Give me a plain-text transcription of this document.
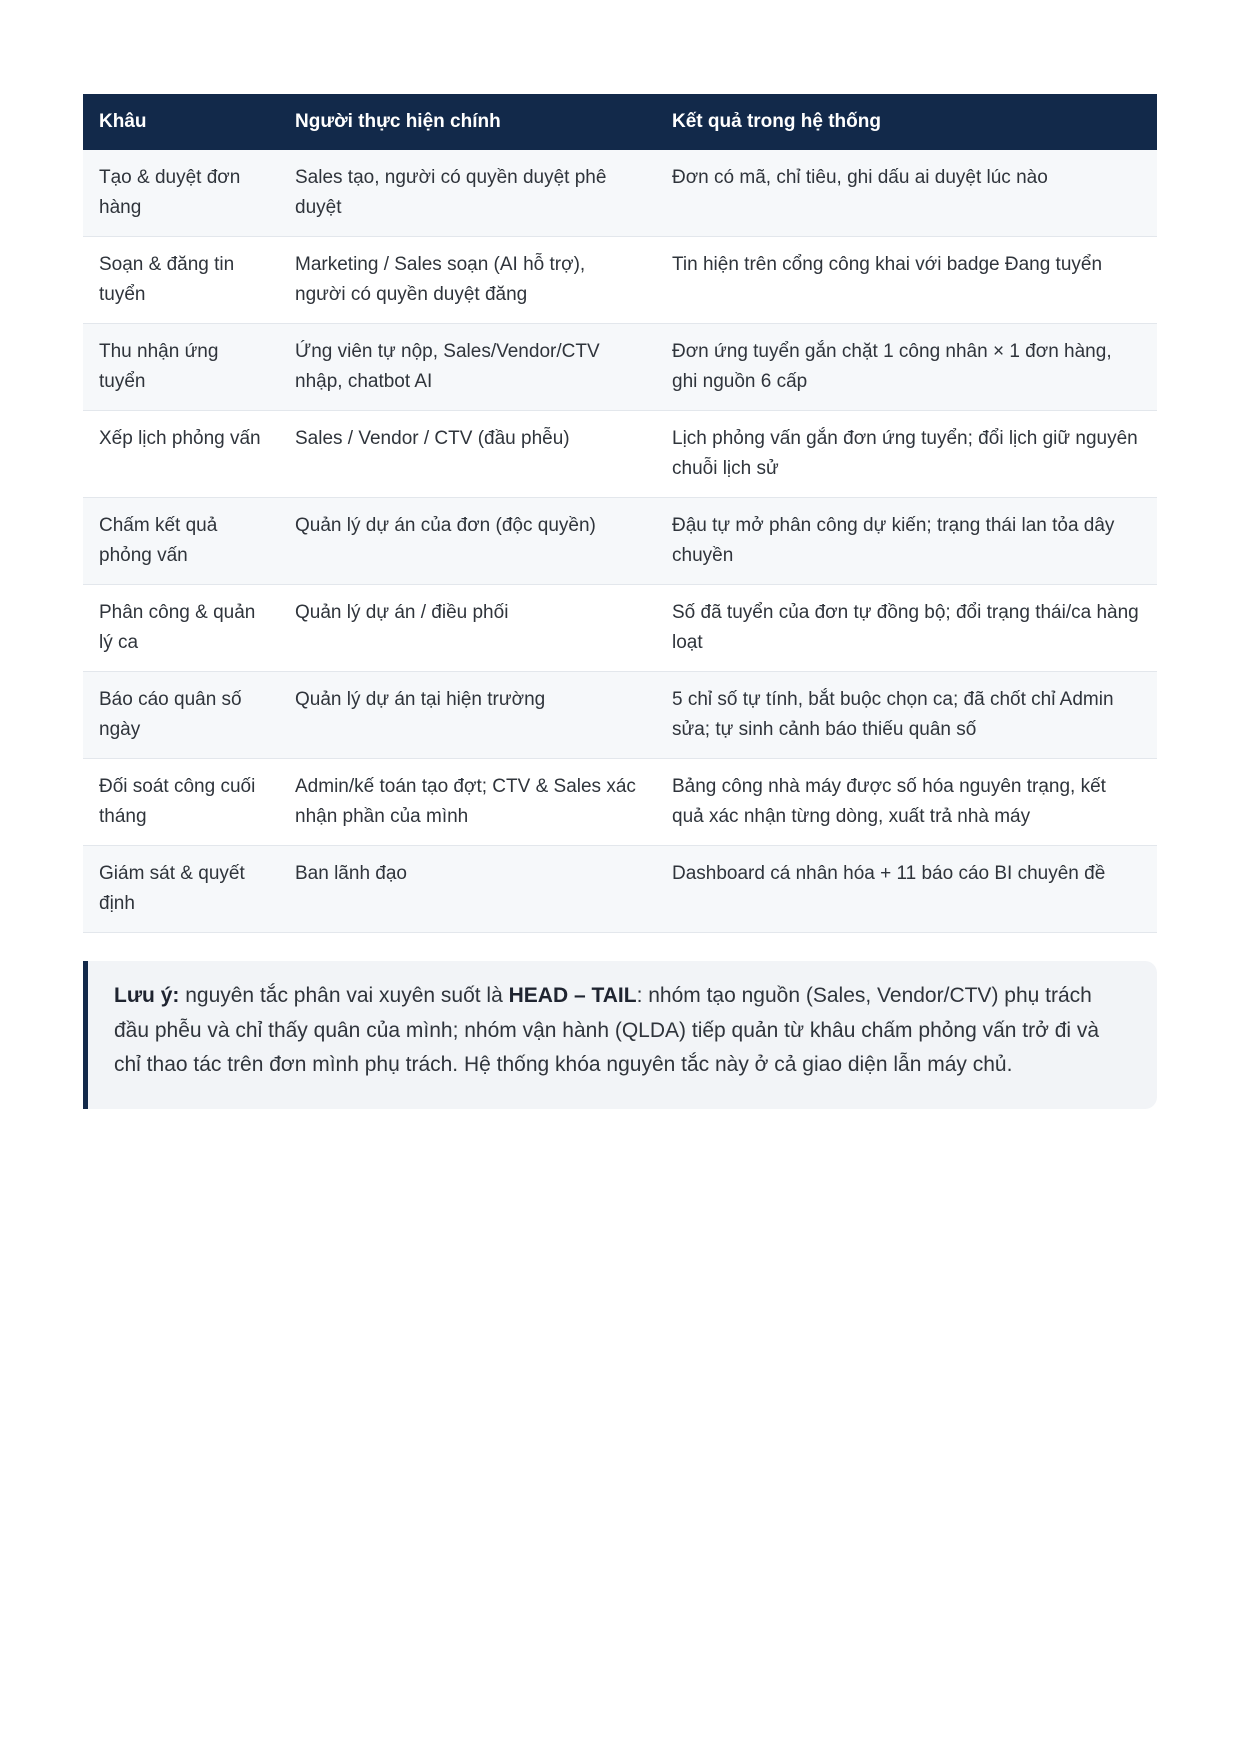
Khâu	Người thực hiện chính	Kết quả trong hệ thống
Tạo & duyệt đơn hàng	Sales tạo, người có quyền duyệt phê duyệt	Đơn có mã, chỉ tiêu, ghi dấu ai duyệt lúc nào
Soạn & đăng tin tuyển	Marketing / Sales soạn (AI hỗ trợ), người có quyền duyệt đăng	Tin hiện trên cổng công khai với badge Đang tuyển
Thu nhận ứng tuyển	Ứng viên tự nộp, Sales/Vendor/CTV nhập, chatbot AI	Đơn ứng tuyển gắn chặt 1 công nhân × 1 đơn hàng, ghi nguồn 6 cấp
Xếp lịch phỏng vấn	Sales / Vendor / CTV (đầu phễu)	Lịch phỏng vấn gắn đơn ứng tuyển; đổi lịch giữ nguyên chuỗi lịch sử
Chấm kết quả phỏng vấn	Quản lý dự án của đơn (độc quyền)	Đậu tự mở phân công dự kiến; trạng thái lan tỏa dây chuyền
Phân công & quản lý ca	Quản lý dự án / điều phối	Số đã tuyển của đơn tự đồng bộ; đổi trạng thái/ca hàng loạt
Báo cáo quân số ngày	Quản lý dự án tại hiện trường	5 chỉ số tự tính, bắt buộc chọn ca; đã chốt chỉ Admin sửa; tự sinh cảnh báo thiếu quân số
Đối soát công cuối tháng	Admin/kế toán tạo đợt; CTV & Sales xác nhận phần của mình	Bảng công nhà máy được số hóa nguyên trạng, kết quả xác nhận từng dòng, xuất trả nhà máy
Giám sát & quyết định	Ban lãnh đạo	Dashboard cá nhân hóa + 11 báo cáo BI chuyên đề
Lưu ý: nguyên tắc phân vai xuyên suốt là HEAD – TAIL: nhóm tạo nguồn (Sales, Vendor/CTV) phụ trách đầu phễu và chỉ thấy quân của mình; nhóm vận hành (QLDA) tiếp quản từ khâu chấm phỏng vấn trở đi và chỉ thao tác trên đơn mình phụ trách. Hệ thống khóa nguyên tắc này ở cả giao diện lẫn máy chủ.
